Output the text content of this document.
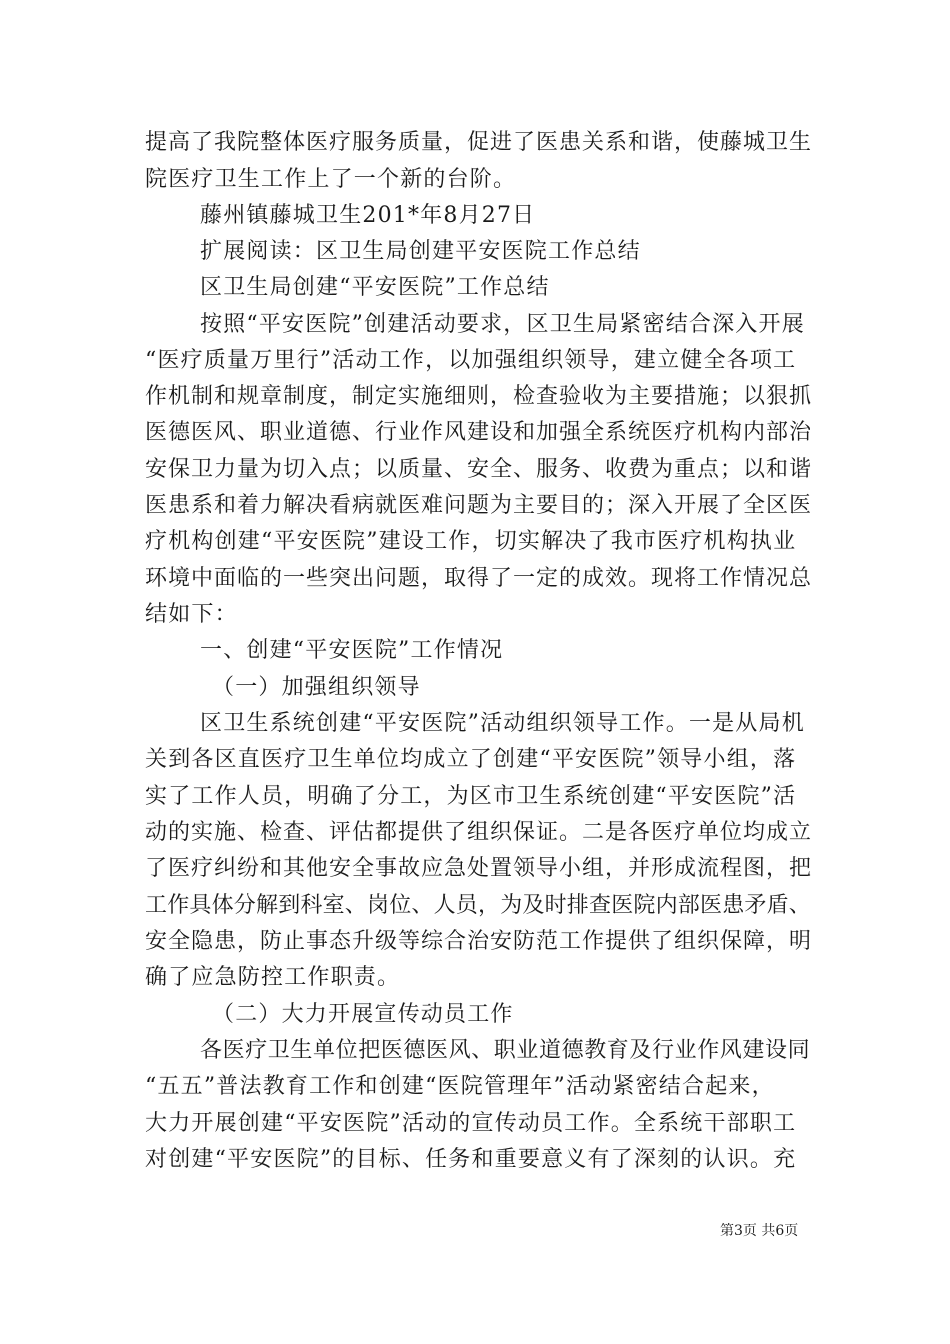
提高了我院整体医疗服务质量，促进了医患关系和谐，使藤城卫生
院医疗卫生工作上了一个新的台阶。
藤州镇藤城卫生201*年8月27日
扩展阅读：区卫生局创建平安医院工作总结
区卫生局创建“平安医院”工作总结
按照“平安医院”创建活动要求，区卫生局紧密结合深入开展
“医疗质量万里行”活动工作，以加强组织领导，建立健全各项工
作机制和规章制度，制定实施细则，检查验收为主要措施；以狠抓
医德医风、职业道德、行业作风建设和加强全系统医疗机构内部治
安保卫力量为切入点；以质量、安全、服务、收费为重点；以和谐
医患系和着力解决看病就医难问题为主要目的；深入开展了全区医
疗机构创建“平安医院”建设工作，切实解决了我市医疗机构执业
环境中面临的一些突出问题，取得了一定的成效。现将工作情况总
结如下：
一、创建“平安医院”工作情况
（一）加强组织领导
区卫生系统创建“平安医院”活动组织领导工作。一是从局机
关到各区直医疗卫生单位均成立了创建“平安医院”领导小组，落
实了工作人员，明确了分工，为区市卫生系统创建“平安医院”活
动的实施、检查、评估都提供了组织保证。二是各医疗单位均成立
了医疗纠纷和其他安全事故应急处置领导小组，并形成流程图，把
工作具体分解到科室、岗位、人员，为及时排查医院内部医患矛盾、
安全隐患，防止事态升级等综合治安防范工作提供了组织保障，明
确了应急防控工作职责。
（二）大力开展宣传动员工作
各医疗卫生单位把医德医风、职业道德教育及行业作风建设同
“五五”普法教育工作和创建“医院管理年”活动紧密结合起来，
大力开展创建“平安医院”活动的宣传动员工作。全系统干部职工
对创建“平安医院”的目标、任务和重要意义有了深刻的认识。充
第3页 共6页
